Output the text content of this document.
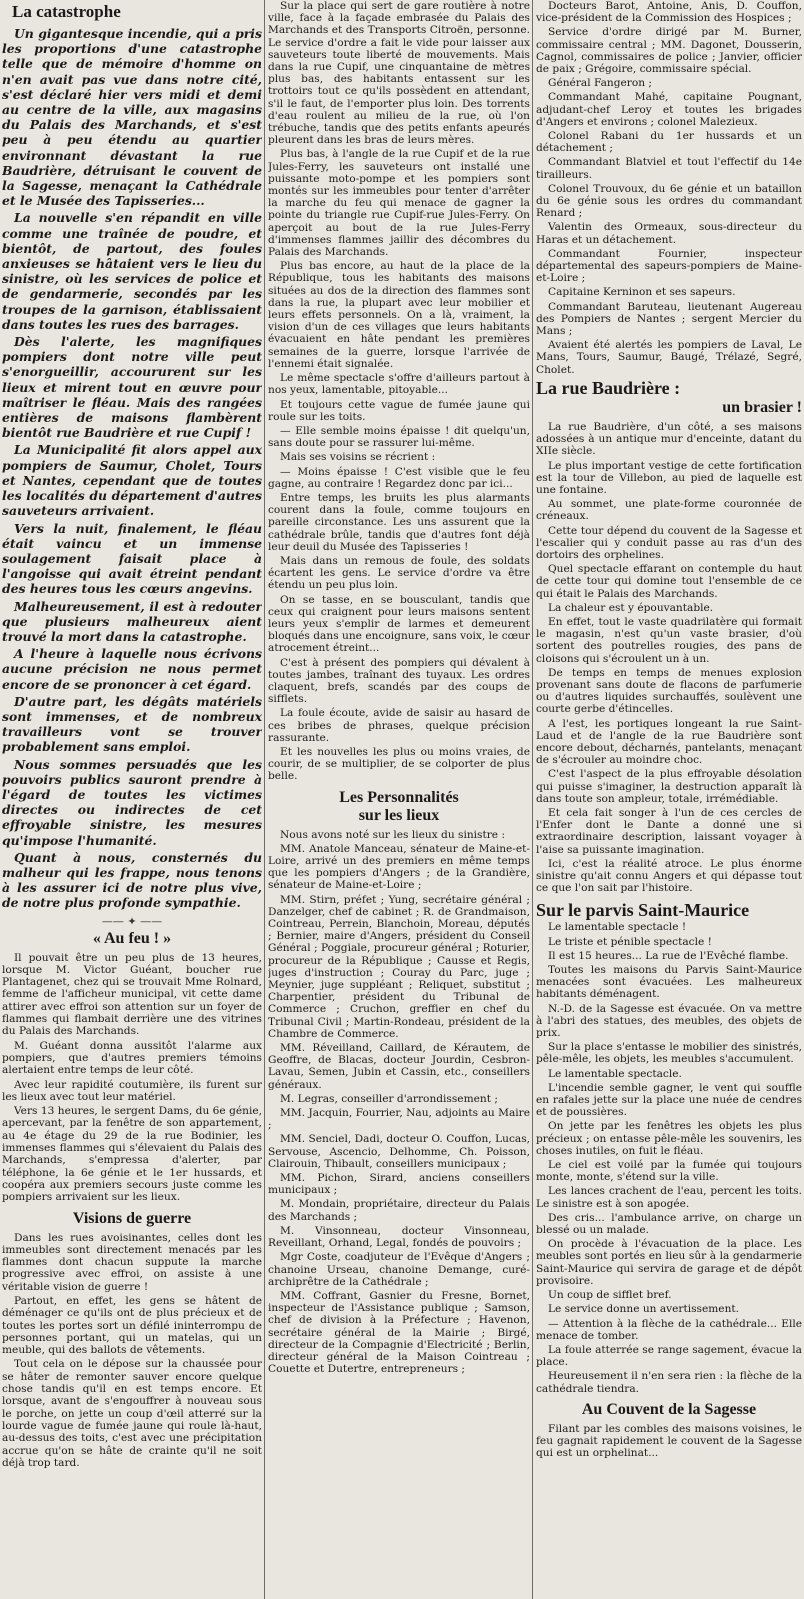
La catastrophe

Un gigantesque incendie, qui a pris les proportions d'une catastrophe telle que de mémoire d'homme on n'en avait pas vue dans notre cité, s'est déclaré hier vers midi et demi au centre de la ville, aux magasins du Palais des Marchands, et s'est peu à peu étendu au quartier environnant dévastant la rue Baudrière, détruisant le couvent de la Sagesse, menaçant la Cathédrale et le Musée des Tapisseries...

La nouvelle s'en répandit en ville comme une traînée de poudre, et bientôt, de partout, des foules anxieuses se hâtaient vers le lieu du sinistre, où les services de police et de gendarmerie, secondés par les troupes de la garnison, établissaient dans toutes les rues des barrages.

Dès l'alerte, les magnifiques pompiers dont notre ville peut s'enorgueillir, accoururent sur les lieux et mirent tout en œuvre pour maîtriser le fléau. Mais des rangées entières de maisons flambèrent bientôt rue Baudrière et rue Cupif !

La Municipalité fit alors appel aux pompiers de Saumur, Cholet, Tours et Nantes, cependant que de toutes les localités du département d'autres sauveteurs arrivaient.

Vers la nuit, finalement, le fléau était vaincu et un immense soulagement faisait place à l'angoisse qui avait étreint pendant des heures tous les cœurs angevins.

Malheureusement, il est à redouter que plusieurs malheureux aient trouvé la mort dans la catastrophe.

A l'heure à laquelle nous écrivons aucune précision ne nous permet encore de se prononcer à cet égard.

D'autre part, les dégâts matériels sont immenses, et de nombreux travailleurs vont se trouver probablement sans emploi.

Nous sommes persuadés que les pouvoirs publics sauront prendre à l'égard de toutes les victimes directes ou indirectes de cet effroyable sinistre, les mesures qu'impose l'humanité.

Quant à nous, consternés du malheur qui les frappe, nous tenons à les assurer ici de notre plus vive, de notre plus profonde sympathie.

—— ✦ ——
« Au feu ! »

Il pouvait être un peu plus de 13 heures, lorsque M. Victor Guéant, boucher rue Plantagenet, chez qui se trouvait Mme Rolnard, femme de l'afficheur municipal, vit cette dame attirer avec effroi son attention sur un foyer de flammes qui flambait derrière une des vitrines du Palais des Marchands.

M. Guéant donna aussitôt l'alarme aux pompiers, que d'autres premiers témoins alertaient entre temps de leur côté.

Avec leur rapidité coutumière, ils furent sur les lieux avec tout leur matériel.

Vers 13 heures, le sergent Dams, du 6e génie, apercevant, par la fenêtre de son appartement, au 4e étage du 29 de la rue Bodinier, les immenses flammes qui s'élevaient du Palais des Marchands, s'empressa d'alerter, par téléphone, la 6e génie et le 1er hussards, et coopéra aux premiers secours juste comme les pompiers arrivaient sur les lieux.

Visions de guerre

Dans les rues avoisinantes, celles dont les immeubles sont directement menacés par les flammes dont chacun suppute la marche progressive avec effroi, on assiste à une véritable vision de guerre !

Partout, en effet, les gens se hâtent de déménager ce qu'ils ont de plus précieux et de toutes les portes sort un défilé ininterrompu de personnes portant, qui un matelas, qui un meuble, qui des ballots de vêtements.

Tout cela on le dépose sur la chaussée pour se hâter de remonter sauver encore quelque chose tandis qu'il en est temps encore. Et lorsque, avant de s'engouffrer à nouveau sous le porche, on jette un coup d'œil atterré sur la lourde vague de fumée jaune qui roule là-haut, au-dessus des toits, c'est avec une précipitation accrue qu'on se hâte de crainte qu'il ne soit déjà trop tard.

Sur la place qui sert de gare routière à notre ville, face à la façade embrasée du Palais des Marchands et des Transports Citroën, personne. Le service d'ordre a fait le vide pour laisser aux sauveteurs toute liberté de mouvements. Mais dans la rue Cupif, une cinquantaine de mètres plus bas, des habitants entassent sur les trottoirs tout ce qu'ils possèdent en attendant, s'il le faut, de l'emporter plus loin. Des torrents d'eau roulent au milieu de la rue, où l'on trébuche, tandis que des petits enfants apeurés pleurent dans les bras de leurs mères.

Plus bas, à l'angle de la rue Cupif et de la rue Jules-Ferry, les sauveteurs ont installé une puissante moto-pompe et les pompiers sont montés sur les immeubles pour tenter d'arrêter la marche du feu qui menace de gagner la pointe du triangle rue Cupif-rue Jules-Ferry. On aperçoit au bout de la rue Jules-Ferry d'immenses flammes jaillir des décombres du Palais des Marchands.

Plus bas encore, au haut de la place de la République, tous les habitants des maisons situées au dos de la direction des flammes sont dans la rue, la plupart avec leur mobilier et leurs effets personnels. On a là, vraiment, la vision d'un de ces villages que leurs habitants évacuaient en hâte pendant les premières semaines de la guerre, lorsque l'arrivée de l'ennemi était signalée.

Le même spectacle s'offre d'ailleurs partout à nos yeux, lamentable, pitoyable...

Et toujours cette vague de fumée jaune qui roule sur les toits.

— Elle semble moins épaisse ! dit quelqu'un, sans doute pour se rassurer lui-même.

Mais ses voisins se récrient :

— Moins épaisse ! C'est visible que le feu gagne, au contraire ! Regardez donc par ici...

Entre temps, les bruits les plus alarmants courent dans la foule, comme toujours en pareille circonstance. Les uns assurent que la cathédrale brûle, tandis que d'autres font déjà leur deuil du Musée des Tapisseries !

Mais dans un remous de foule, des soldats écartent les gens. Le service d'ordre va être étendu un peu plus loin.

On se tasse, en se bousculant, tandis que ceux qui craignent pour leurs maisons sentent leurs yeux s'emplir de larmes et demeurent bloqués dans une encoignure, sans voix, le cœur atrocement étreint...

C'est à présent des pompiers qui dévalent à toutes jambes, traînant des tuyaux. Les ordres claquent, brefs, scandés par des coups de sifflets.

La foule écoute, avide de saisir au hasard de ces bribes de phrases, quelque précision rassurante.

Et les nouvelles les plus ou moins vraies, de courir, de se multiplier, de se colporter de plus belle.

Les Personnalités
sur les lieux

Nous avons noté sur les lieux du sinistre :

MM. Anatole Manceau, sénateur de Maine-et-Loire, arrivé un des premiers en même temps que les pompiers d'Angers ; de la Grandière, sénateur de Maine-et-Loire ;

MM. Stirn, préfet ; Yung, secrétaire général ; Danzelger, chef de cabinet ; R. de Grandmaison, Cointreau, Perrein, Blanchoin, Moreau, députés ; Bernier, maire d'Angers, président du Conseil Général ; Poggiale, procureur général ; Roturier, procureur de la République ; Causse et Regis, juges d'instruction ; Couray du Parc, juge ; Meynier, juge suppléant ; Reliquet, substitut ; Charpentier, président du Tribunal de Commerce ; Cruchon, greffier en chef du Tribunal Civil ; Martin-Rondeau, président de la Chambre de Commerce.

MM. Réveilland, Caillard, de Kérautem, de Geoffre, de Blacas, docteur Jourdin, Cesbron-Lavau, Semen, Jubin et Cassin, etc., conseillers généraux.

M. Legras, conseiller d'arrondissement ;

MM. Jacquin, Fourrier, Nau, adjoints au Maire ;

MM. Senciel, Dadi, docteur O. Couffon, Lucas, Servouse, Ascencio, Delhomme, Ch. Poisson, Clairouin, Thibault, conseillers municipaux ;

MM. Pichon, Sirard, anciens conseillers municipaux ;

M. Mondain, propriétaire, directeur du Palais des Marchands ;

M. Vinsonneau, docteur Vinsonneau, Reveillant, Orhand, Legal, fondés de pouvoirs ;

Mgr Coste, coadjuteur de l'Evêque d'Angers ; chanoine Urseau, chanoine Demange, curé-archiprêtre de la Cathédrale ;

MM. Coffrant, Gasnier du Fresne, Bornet, inspecteur de l'Assistance publique ; Samson, chef de division à la Préfecture ; Havenon, secrétaire général de la Mairie ; Birgé, directeur de la Compagnie d'Electricité ; Berlin, directeur général de la Maison Cointreau ; Couette et Dutertre, entrepreneurs ;

Docteurs Barot, Antoine, Anis, D. Couffon, vice-président de la Commission des Hospices ;

Service d'ordre dirigé par M. Burner, commissaire central ; MM. Dagonet, Dousserin, Cagnol, commissaires de police ; Janvier, officier de paix ; Grégoire, commissaire spécial.

Général Fangeron ;

Commandant Mahé, capitaine Pougnant, adjudant-chef Leroy et toutes les brigades d'Angers et environs ; colonel Malezieux.

Colonel Rabani du 1er hussards et un détachement ;

Commandant Blatviel et tout l'effectif du 14e tirailleurs.

Colonel Trouvoux, du 6e génie et un bataillon du 6e génie sous les ordres du commandant Renard ;

Valentin des Ormeaux, sous-directeur du Haras et un détachement.

Commandant Fournier, inspecteur départemental des sapeurs-pompiers de Maine-et-Loire ;

Capitaine Kerninon et ses sapeurs.

Commandant Baruteau, lieutenant Augereau des Pompiers de Nantes ; sergent Mercier du Mans ;

Avaient été alertés les pompiers de Laval, Le Mans, Tours, Saumur, Baugé, Trélazé, Segré, Cholet.

La rue Baudrière :
un brasier !

La rue Baudrière, d'un côté, a ses maisons adossées à un antique mur d'enceinte, datant du XIIe siècle.

Le plus important vestige de cette fortification est la tour de Villebon, au pied de laquelle est une fontaine.

Au sommet, une plate-forme couronnée de créneaux.

Cette tour dépend du couvent de la Sagesse et l'escalier qui y conduit passe au ras d'un des dortoirs des orphelines.

Quel spectacle effarant on contemple du haut de cette tour qui domine tout l'ensemble de ce qui était le Palais des Marchands.

La chaleur est y épouvantable.

En effet, tout le vaste quadrilatère qui formait le magasin, n'est qu'un vaste brasier, d'où sortent des poutrelles rougies, des pans de cloisons qui s'écroulent un à un.

De temps en temps de menues explosion provenant sans doute de flacons de parfumerie ou d'autres liquides surchauffés, soulèvent une courte gerbe d'étincelles.

A l'est, les portiques longeant la rue Saint-Laud et de l'angle de la rue Baudrière sont encore debout, décharnés, pantelants, menaçant de s'écrouler au moindre choc.

C'est l'aspect de la plus effroyable désolation qui puisse s'imaginer, la destruction apparaît là dans toute son ampleur, totale, irrémédiable.

Et cela fait songer à l'un de ces cercles de l'Enfer dont le Dante a donné une si extraordinaire description, laissant voyager à l'aise sa puissante imagination.

Ici, c'est la réalité atroce. Le plus énorme sinistre qu'ait connu Angers et qui dépasse tout ce que l'on sait par l'histoire.

Sur le parvis Saint-Maurice

Le lamentable spectacle !

Le triste et pénible spectacle !

Il est 15 heures... La rue de l'Evêché flambe.

Toutes les maisons du Parvis Saint-Maurice menacées sont évacuées. Les malheureux habitants déménagent.

N.-D. de la Sagesse est évacuée. On va mettre à l'abri des statues, des meubles, des objets de prix.

Sur la place s'entasse le mobilier des sinistrés, pêle-mêle, les objets, les meubles s'accumulent.

Le lamentable spectacle.

L'incendie semble gagner, le vent qui souffle en rafales jette sur la place une nuée de cendres et de poussières.

On jette par les fenêtres les objets les plus précieux ; on entasse pêle-mêle les souvenirs, les choses inutiles, on fuit le fléau.

Le ciel est voilé par la fumée qui toujours monte, monte, s'étend sur la ville.

Les lances crachent de l'eau, percent les toits. Le sinistre est à son apogée.

Des cris... l'ambulance arrive, on charge un blessé ou un malade.

On procède à l'évacuation de la place. Les meubles sont portés en lieu sûr à la gendarmerie Saint-Maurice qui servira de garage et de dépôt provisoire.

Un coup de sifflet bref.

Le service donne un avertissement.

— Attention à la flèche de la cathédrale... Elle menace de tomber.

La foule atterrée se range sagement, évacue la place.

Heureusement il n'en sera rien : la flèche de la cathédrale tiendra.

Au Couvent de la Sagesse

Filant par les combles des maisons voisines, le feu gagnait rapidement le couvent de la Sagesse qui est un orphelinat...
